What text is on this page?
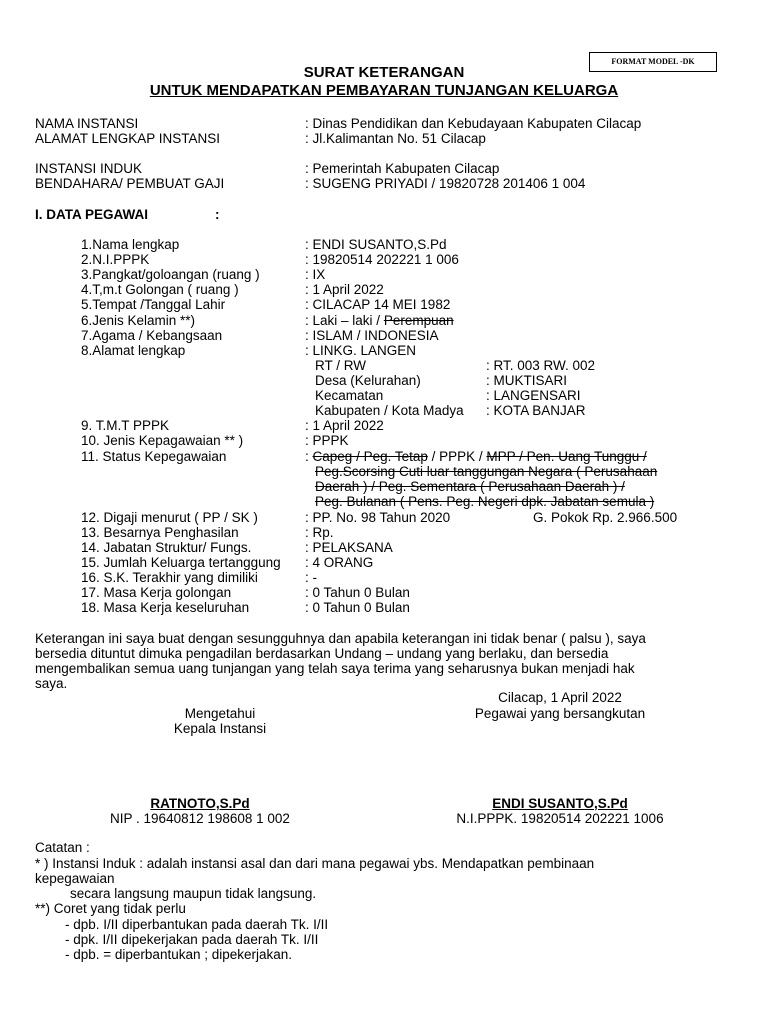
FORMAT MODEL -DK
SURAT KETERANGAN
UNTUK MENDAPATKAN PEMBAYARAN TUNJANGAN KELUARGA
NAMA INSTANSI	: Dinas Pendidikan dan Kebudayaan Kabupaten Cilacap
ALAMAT LENGKAP INSTANSI	: Jl.Kalimantan No. 51 Cilacap
INSTANSI INDUK	: Pemerintah Kabupaten Cilacap
BENDAHARA/ PEMBUAT GAJI	: SUGENG PRIYADI / 19820728 201406 1 004
I. DATA PEGAWAI	:
1.Nama lengkap	: ENDI SUSANTO,S.Pd
2.N.I.PPPK	: 19820514 202221 1 006
3.Pangkat/goloangan (ruang )	: IX
4.T,m.t Golongan ( ruang )	: 1 April 2022
5.Tempat /Tanggal Lahir	: CILACAP 14 MEI 1982
6.Jenis Kelamin **)	: Laki – laki / Perempuan
7.Agama / Kebangsaan	: ISLAM / INDONESIA
8.Alamat lengkap	: LINKG. LANGEN
RT / RW	: RT. 003 RW. 002
Desa (Kelurahan)	: MUKTISARI
Kecamatan	: LANGENSARI
Kabupaten / Kota Madya : KOTA BANJAR
9. T.M.T PPPK	: 1 April 2022
10. Jenis Kepagawaian ** )	: PPPK
11. Status Kepegawaian	: Capeg / Peg. Tetap / PPPK / MPP / Pen. Uang Tunggu /
Peg.Scorsing Cuti luar tanggungan Negara ( Perusahaan
Daerah ) / Peg. Sementara ( Perusahaan Daerah ) /
Peg. Bulanan ( Pens. Peg. Negeri dpk. Jabatan semula )
12. Digaji menurut ( PP / SK )	: PP. No. 98 Tahun 2020	G. Pokok Rp. 2.966.500
13. Besarnya Penghasilan	: Rp.
14. Jabatan Struktur/ Fungs.	: PELAKSANA
15. Jumlah Keluarga tertanggung : 4 ORANG
16. S.K. Terakhir yang dimiliki	: -
17. Masa Kerja golongan	: 0 Tahun 0 Bulan
18. Masa Kerja keseluruhan	: 0 Tahun 0 Bulan
Keterangan ini saya buat dengan sesungguhnya dan apabila keterangan ini tidak benar ( palsu ), saya
bersedia dituntut dimuka pengadilan berdasarkan Undang – undang yang berlaku, dan bersedia
mengembalikan semua uang tunjangan yang telah saya terima yang seharusnya bukan menjadi hak
saya.
Cilacap, 1 April 2022
Mengetahui	Pegawai yang bersangkutan
Kepala Instansi
RATNOTO,S.Pd
NIP . 19640812 198608 1 002
ENDI SUSANTO,S.Pd
N.I.PPPK. 19820514 202221 1006
Catatan :
* ) Instansi Induk : adalah instansi asal dan dari mana pegawai ybs. Mendapatkan pembinaan
kepegawaian
secara langsung maupun tidak langsung.
**) Coret yang tidak perlu
- dpb. I/II diperbantukan pada daerah Tk. I/II
- dpk. I/II dipekerjakan pada daerah Tk. I/II
- dpb. = diperbantukan ; dipekerjakan.
